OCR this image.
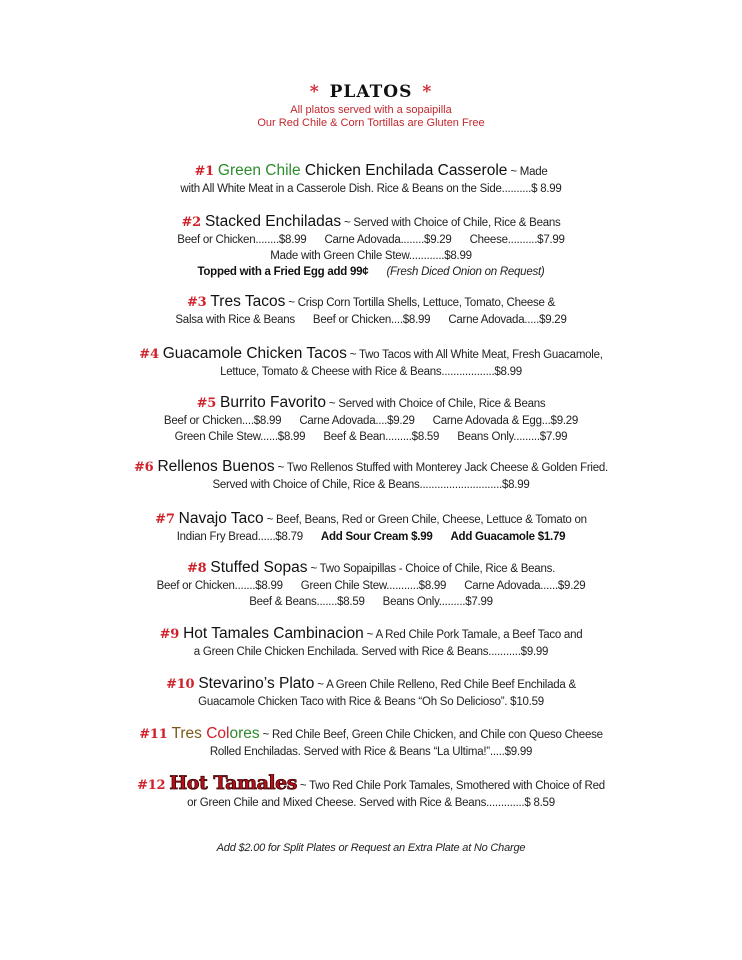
* PLATOS *
All platos served with a sopaipilla
Our Red Chile & Corn Tortillas are Gluten Free
#1 Green Chile Chicken Enchilada Casserole ~ Made
with All White Meat in a Casserole Dish. Rice & Beans on the Side..........$ 8.99
#2 Stacked Enchiladas ~ Served with Choice of Chile, Rice & Beans
Beef or Chicken........$8.99 Carne Adovada........$9.29 Cheese..........$7.99
Made with Green Chile Stew............$8.99
Topped with a Fried Egg add 99¢ (Fresh Diced Onion on Request)
#3 Tres Tacos ~ Crisp Corn Tortilla Shells, Lettuce, Tomato, Cheese &
Salsa with Rice & Beans Beef or Chicken....$8.99 Carne Adovada.....$9.29
#4 Guacamole Chicken Tacos ~ Two Tacos with All White Meat, Fresh Guacamole,
Lettuce, Tomato & Cheese with Rice & Beans..................$8.99
#5 Burrito Favorito ~ Served with Choice of Chile, Rice & Beans
Beef or Chicken....$8.99 Carne Adovada....$9.29 Carne Adovada & Egg...$9.29
Green Chile Stew......$8.99 Beef & Bean.........$8.59 Beans Only.........$7.99
#6 Rellenos Buenos ~ Two Rellenos Stuffed with Monterey Jack Cheese & Golden Fried.
Served with Choice of Chile, Rice & Beans............................$8.99
#7 Navajo Taco ~ Beef, Beans, Red or Green Chile, Cheese, Lettuce & Tomato on
Indian Fry Bread......$8.79 Add Sour Cream $.99 Add Guacamole $1.79
#8 Stuffed Sopas ~ Two Sopaipillas - Choice of Chile, Rice & Beans.
Beef or Chicken.......$8.99 Green Chile Stew...........$8.99 Carne Adovada......$9.29
Beef & Beans.......$8.59 Beans Only.........$7.99
#9 Hot Tamales Cambinacion ~ A Red Chile Pork Tamale, a Beef Taco and
a Green Chile Chicken Enchilada. Served with Rice & Beans...........$9.99
#10 Stevarino’s Plato ~ A Green Chile Relleno, Red Chile Beef Enchilada &
Guacamole Chicken Taco with Rice & Beans “Oh So Delicioso”. $10.59
#11 Tres Colores ~ Red Chile Beef, Green Chile Chicken, and Chile con Queso Cheese
Rolled Enchiladas. Served with Rice & Beans “La Ultima!”.....$9.99
#12 Hot Tamales ~ Two Red Chile Pork Tamales, Smothered with Choice of Red
or Green Chile and Mixed Cheese. Served with Rice & Beans.............$ 8.59
Add $2.00 for Split Plates or Request an Extra Plate at No Charge
